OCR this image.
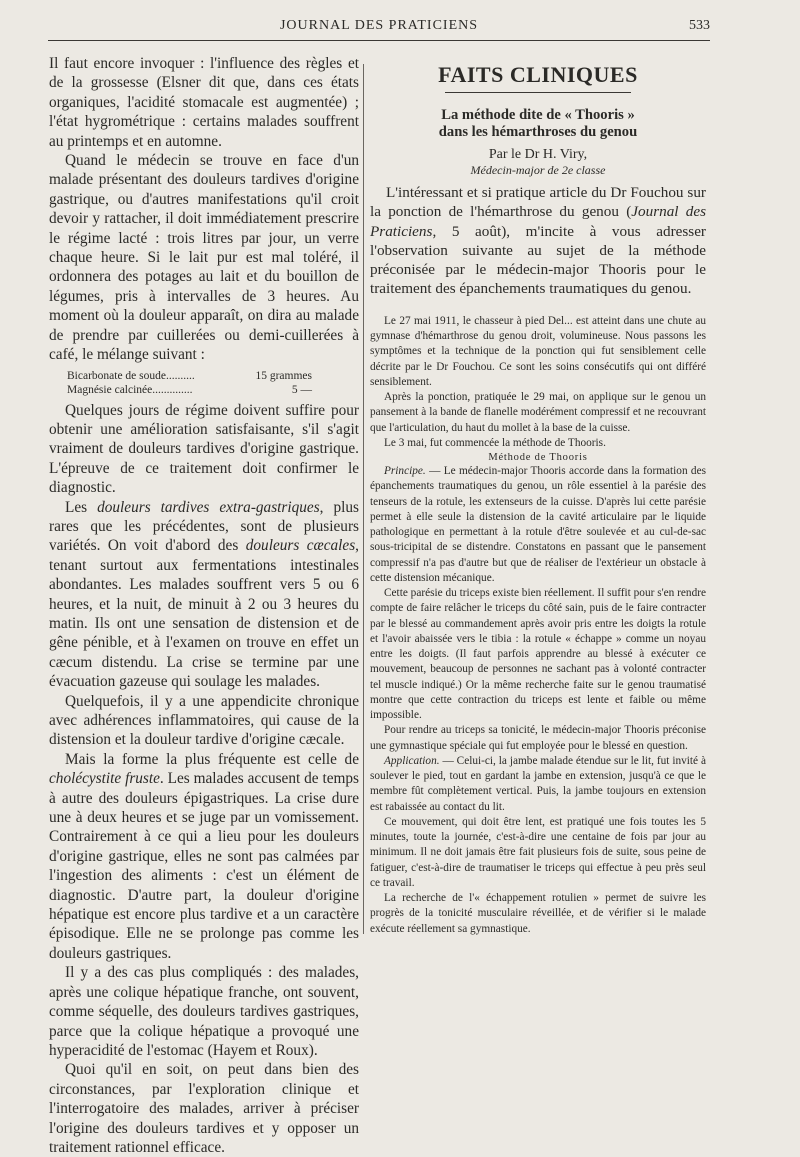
JOURNAL DES PRATICIENS	533

Il faut encore invoquer : l'influence des règles et de la grossesse (Elsner dit que, dans ces états organiques, l'acidité stomacale est augmentée) ; l'état hygrométrique : certains malades souffrent au printemps et en automne.

Quand le médecin se trouve en face d'un malade présentant des douleurs tardives d'origine gastrique, ou d'autres manifestations qu'il croit devoir y rattacher, il doit immédiatement prescrire le régime lacté : trois litres par jour, un verre chaque heure. Si le lait pur est mal toléré, il ordonnera des potages au lait et du bouillon de légumes, pris à intervalles de 3 heures. Au moment où la douleur apparaît, on dira au malade de prendre par cuillerées ou demi-cuillerées à café, le mélange suivant :

Bicarbonate de soude..........	15 grammes
Magnésie calcinée..............	5 —

Quelques jours de régime doivent suffire pour obtenir une amélioration satisfaisante, s'il s'agit vraiment de douleurs tardives d'origine gastrique. L'épreuve de ce traitement doit confirmer le diagnostic.

Les douleurs tardives extra-gastriques, plus rares que les précédentes, sont de plusieurs variétés. On voit d'abord des douleurs cæcales, tenant surtout aux fermentations intestinales abondantes. Les malades souffrent vers 5 ou 6 heures, et la nuit, de minuit à 2 ou 3 heures du matin. Ils ont une sensation de distension et de gêne pénible, et à l'examen on trouve en effet un cæcum distendu. La crise se termine par une évacuation gazeuse qui soulage les malades.

Quelquefois, il y a une appendicite chronique avec adhérences inflammatoires, qui cause de la distension et la douleur tardive d'origine cæcale.

Mais la forme la plus fréquente est celle de cholécystite fruste. Les malades accusent de temps à autre des douleurs épigastriques. La crise dure une à deux heures et se juge par un vomissement. Contrairement à ce qui a lieu pour les douleurs d'origine gastrique, elles ne sont pas calmées par l'ingestion des aliments : c'est un élément de diagnostic. D'autre part, la douleur d'origine hépatique est encore plus tardive et a un caractère épisodique. Elle ne se prolonge pas comme les douleurs gastriques.

Il y a des cas plus compliqués : des malades, après une colique hépatique franche, ont souvent, comme séquelle, des douleurs tardives gastriques, parce que la colique hépatique a provoqué une hyperacidité de l'estomac (Hayem et Roux).

Quoi qu'il en soit, on peut dans bien des circonstances, par l'exploration clinique et l'interrogatoire des malades, arriver à préciser l'origine des douleurs tardives et y opposer un traitement rationnel efficace.

FAITS CLINIQUES
La méthode dite de « Thooris »
dans les hémarthroses du genou
Par le Dr H. Viry,
Médecin-major de 2e classe

L'intéressant et si pratique article du Dr Fouchou sur la ponction de l'hémarthrose du genou (Journal des Praticiens, 5 août), m'incite à vous adresser l'observation suivante au sujet de la méthode préconisée par le médecin-major Thooris pour le traitement des épanchements traumatiques du genou.

Le 27 mai 1911, le chasseur à pied Del... est atteint dans une chute au gymnase d'hémarthrose du genou droit, volumineuse. Nous passons les symptômes et la technique de la ponction qui fut sensiblement celle décrite par le Dr Fouchou. Ce sont les soins consécutifs qui ont différé sensiblement.

Après la ponction, pratiquée le 29 mai, on applique sur le genou un pansement à la bande de flanelle modérément compressif et ne recouvrant que l'articulation, du haut du mollet à la base de la cuisse.

Le 3 mai, fut commencée la méthode de Thooris.

Méthode de Thooris

Principe. — Le médecin-major Thooris accorde dans la formation des épanchements traumatiques du genou, un rôle essentiel à la parésie des tenseurs de la rotule, les extenseurs de la cuisse. D'après lui cette parésie permet à elle seule la distension de la cavité articulaire par le liquide pathologique en permettant à la rotule d'être soulevée et au cul-de-sac sous-tricipital de se distendre. Constatons en passant que le pansement compressif n'a pas d'autre but que de réaliser de l'extérieur un obstacle à cette distension mécanique.

Cette parésie du triceps existe bien réellement. Il suffit pour s'en rendre compte de faire relâcher le triceps du côté sain, puis de le faire contracter par le blessé au commandement après avoir pris entre les doigts la rotule et l'avoir abaissée vers le tibia : la rotule « échappe » comme un noyau entre les doigts. (Il faut parfois apprendre au blessé à exécuter ce mouvement, beaucoup de personnes ne sachant pas à volonté contracter tel muscle indiqué.) Or la même recherche faite sur le genou traumatisé montre que cette contraction du triceps est lente et faible ou même impossible.

Pour rendre au triceps sa tonicité, le médecin-major Thooris préconise une gymnastique spéciale qui fut employée pour le blessé en question.

Application. — Celui-ci, la jambe malade étendue sur le lit, fut invité à soulever le pied, tout en gardant la jambe en extension, jusqu'à ce que le membre fût complètement vertical. Puis, la jambe toujours en extension est rabaissée au contact du lit.

Ce mouvement, qui doit être lent, est pratiqué une fois toutes les 5 minutes, toute la journée, c'est-à-dire une centaine de fois par jour au minimum. Il ne doit jamais être fait plusieurs fois de suite, sous peine de fatiguer, c'est-à-dire de traumatiser le triceps qui effectue à peu près seul ce travail.

La recherche de l'« échappement rotulien » permet de suivre les progrès de la tonicité musculaire réveillée, et de vérifier si le malade exécute réellement sa gymnastique.
